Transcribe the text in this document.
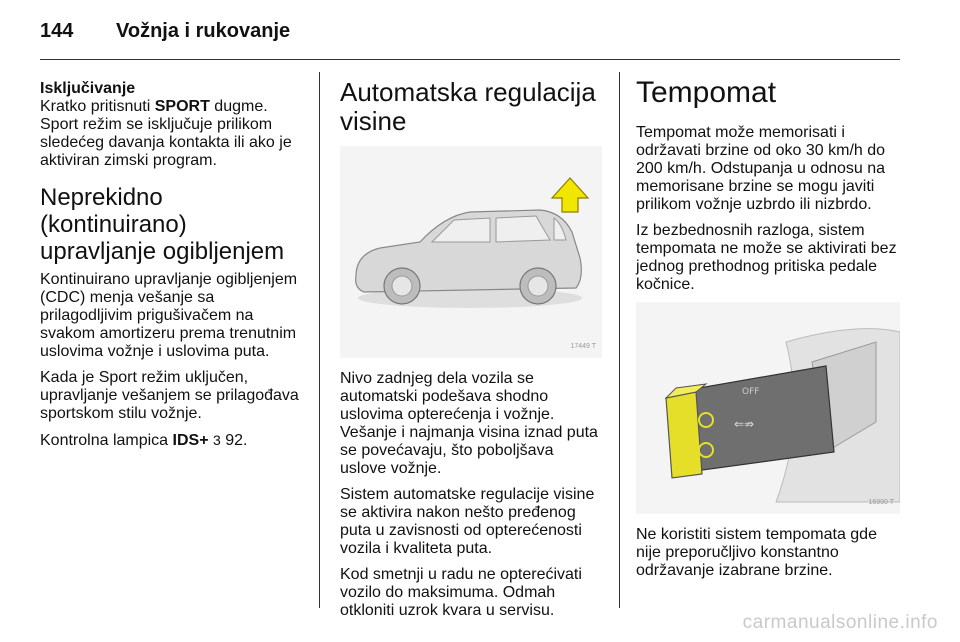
144 Vožnja i rukovanje
Isključivanje

Kratko pritisnuti SPORT dugme. Sport režim se isključuje prilikom sledećeg davanja kontakta ili ako je aktiviran zimski program.

Neprekidno (kontinuirano) upravljanje ogibljenjem

Kontinuirano upravljanje ogibljenjem (CDC) menja vešanje sa prilagodljivim prigušivačem na svakom amortizeru prema trenutnim uslovima vožnje i uslovima puta.

Kada je Sport režim uključen, upravljanje vešanjem se prilagođava sportskom stilu vožnje.

Kontrolna lampica IDS+ 3 92.

Automatska regulacija visine
17449 T

Nivo zadnjeg dela vozila se automatski podešava shodno uslovima opterećenja i vožnje. Vešanje i najmanja visina iznad puta se povećavaju, što poboljšava uslove vožnje.

Sistem automatske regulacije visine se aktivira nakon nešto pređenog puta u zavisnosti od opterećenosti vozila i kvaliteta puta.

Kod smetnji u radu ne opterećivati vozilo do maksimuma. Odmah otkloniti uzrok kvara u servisu.

Tempomat

Tempomat može memorisati i održavati brzine od oko 30 km/h do 200 km/h. Odstupanja u odnosu na memorisane brzine se mogu javiti prilikom vožnje uzbrdo ili nizbrdo.

Iz bezbednosnih razloga, sistem tempomata ne može se aktivirati bez jednog prethodnog pritiska pedale kočnice.

⇐⇏
OFF
16990 T

Ne koristiti sistem tempomata gde nije preporučljivo konstantno održavanje izabrane brzine.

carmanualsonline.info
